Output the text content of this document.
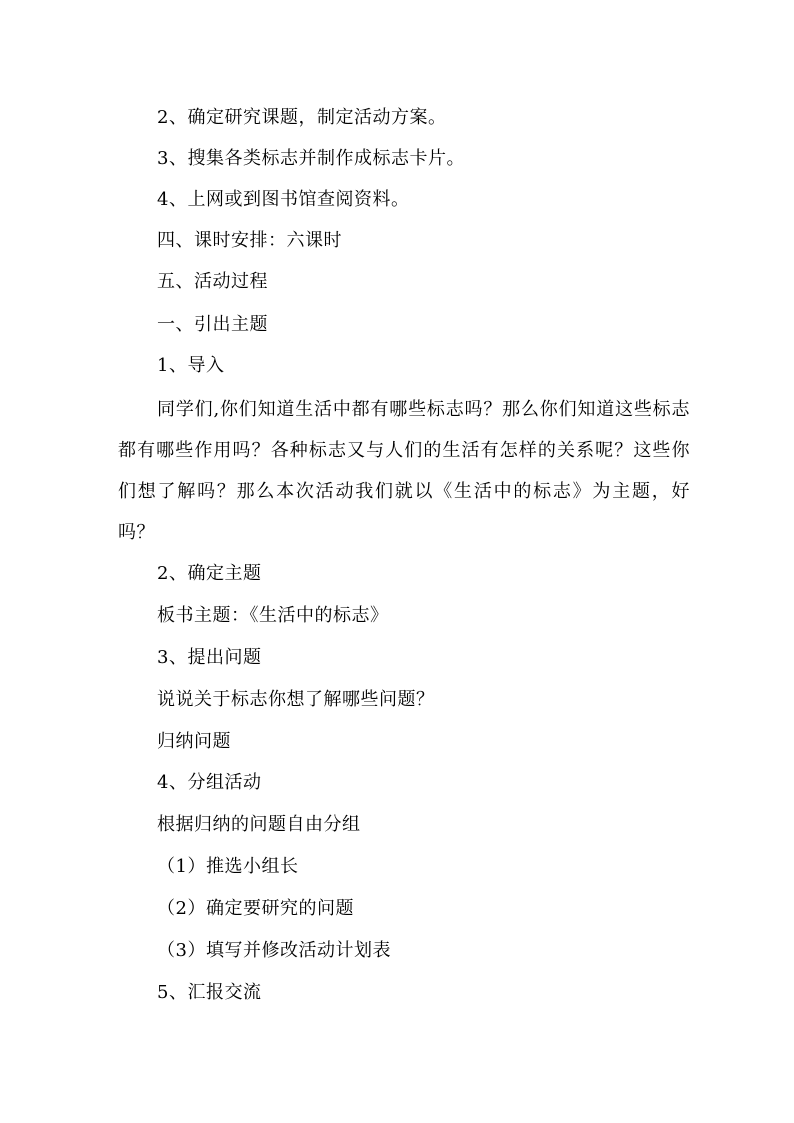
2、确定研究课题，制定活动方案。
3、搜集各类标志并制作成标志卡片。
4、上网或到图书馆查阅资料。
四、课时安排：六课时
五、活动过程
一、引出主题
1、导入
同学们,你们知道生活中都有哪些标志吗？那么你们知道这些标志都有哪些作用吗？各种标志又与人们的生活有怎样的关系呢？这些你们想了解吗？那么本次活动我们就以《生活中的标志》为主题，好吗？
2、确定主题
板书主题：《生活中的标志》
3、提出问题
说说关于标志你想了解哪些问题？
归纳问题
4、分组活动
根据归纳的问题自由分组
（1）推选小组长
（2）确定要研究的问题
（3）填写并修改活动计划表
5、汇报交流
